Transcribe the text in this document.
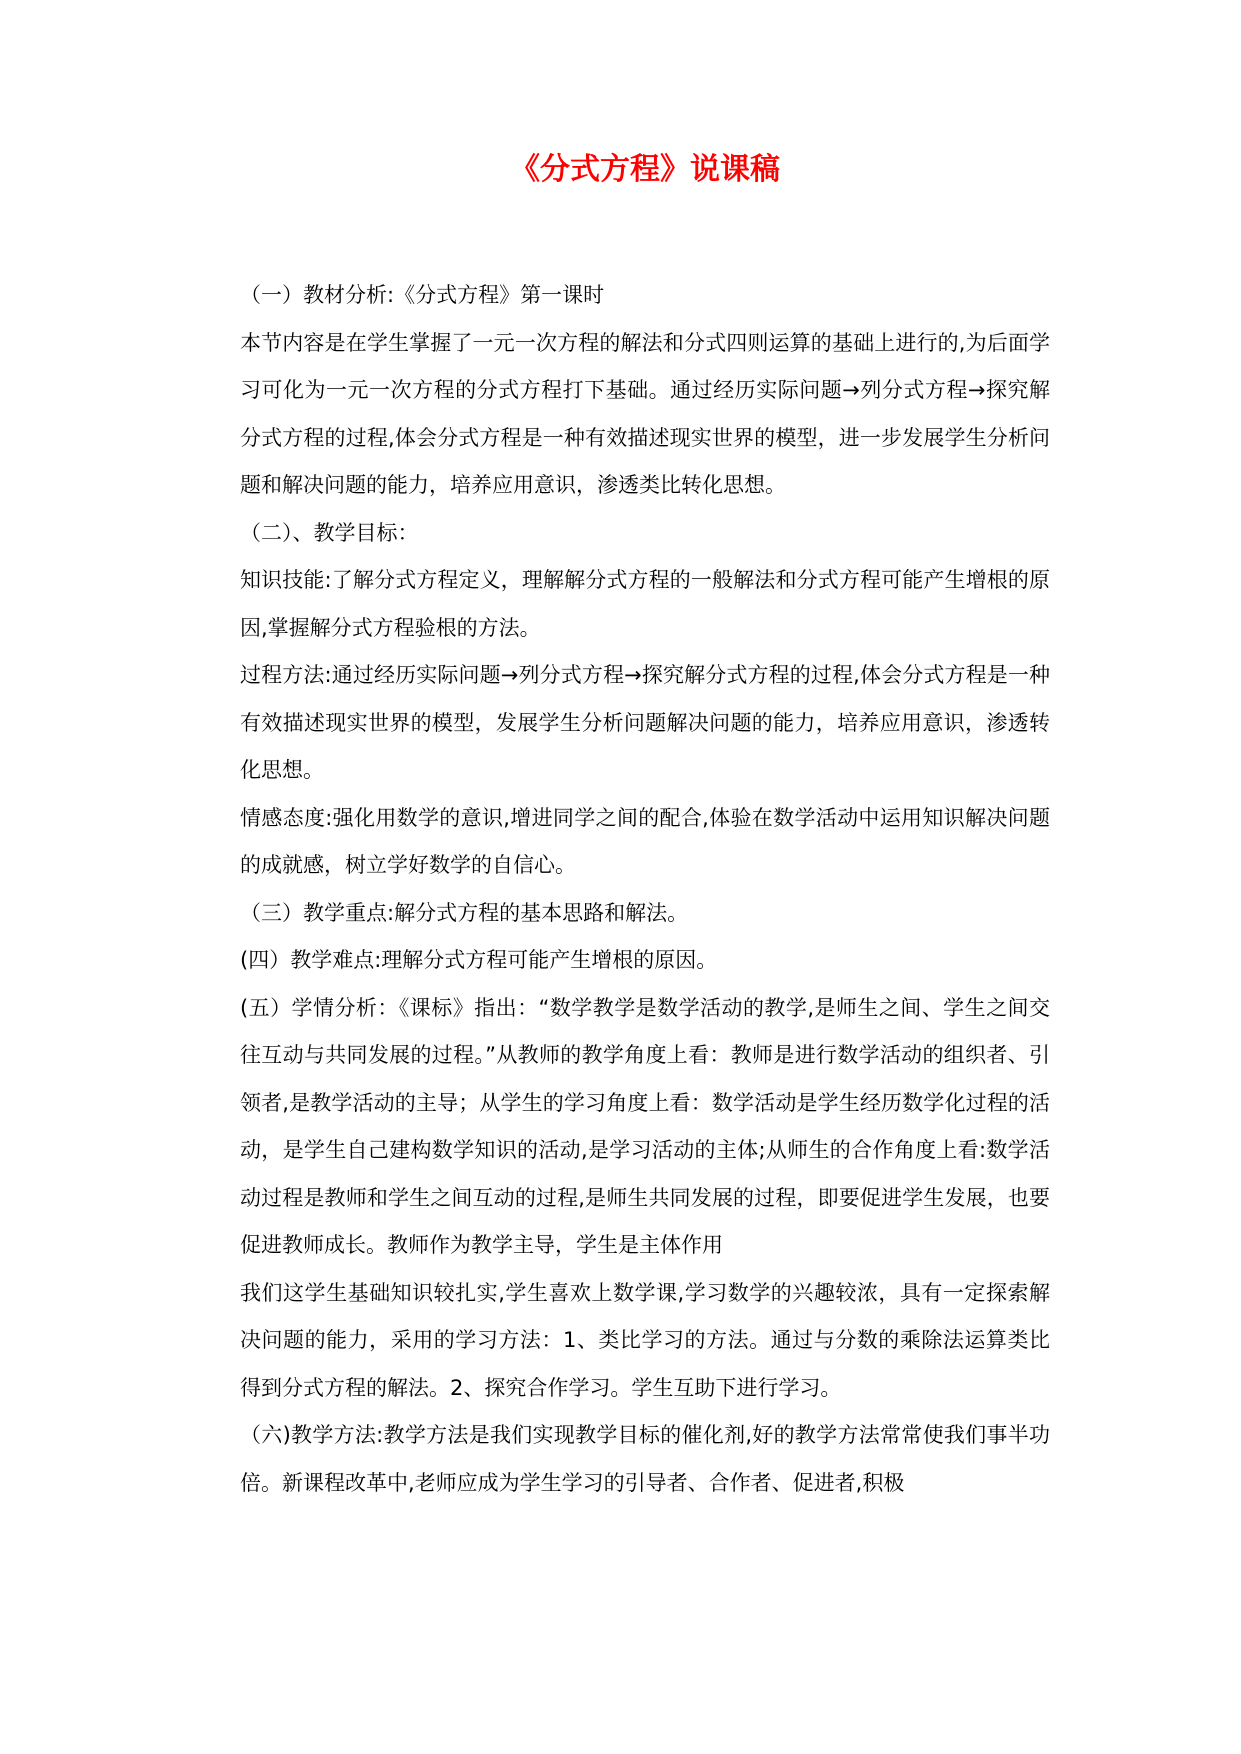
《分式方程》说课稿

（一）教材分析:《分式方程》第一课时

本节内容是在学生掌握了一元一次方程的解法和分式四则运算的基础上进行的,为后面学习可化为一元一次方程的分式方程打下基础。通过经历实际问题→列分式方程→探究解分式方程的过程,体会分式方程是一种有效描述现实世界的模型，进一步发展学生分析问题和解决问题的能力，培养应用意识，渗透类比转化思想。

（二）、教学目标：

知识技能:了解分式方程定义，理解解分式方程的一般解法和分式方程可能产生增根的原因,掌握解分式方程验根的方法。

过程方法:通过经历实际问题→列分式方程→探究解分式方程的过程,体会分式方程是一种有效描述现实世界的模型，发展学生分析问题解决问题的能力，培养应用意识，渗透转化思想。

情感态度:强化用数学的意识,增进同学之间的配合,体验在数学活动中运用知识解决问题的成就感，树立学好数学的自信心。

（三）教学重点:解分式方程的基本思路和解法。

(四）教学难点:理解分式方程可能产生增根的原因。

(五）学情分析：《课标》指出：“数学教学是数学活动的教学,是师生之间、学生之间交往互动与共同发展的过程。”从教师的教学角度上看：教师是进行数学活动的组织者、引领者,是教学活动的主导；从学生的学习角度上看：数学活动是学生经历数学化过程的活动，是学生自己建构数学知识的活动,是学习活动的主体;从师生的合作角度上看:数学活动过程是教师和学生之间互动的过程,是师生共同发展的过程，即要促进学生发展，也要促进教师成长。教师作为教学主导，学生是主体作用

我们这学生基础知识较扎实,学生喜欢上数学课,学习数学的兴趣较浓，具有一定探索解决问题的能力，采用的学习方法：1、类比学习的方法。通过与分数的乘除法运算类比得到分式方程的解法。2、探究合作学习。学生互助下进行学习。

（六)教学方法:教学方法是我们实现教学目标的催化剂,好的教学方法常常使我们事半功倍。新课程改革中,老师应成为学生学习的引导者、合作者、促进者,积极
